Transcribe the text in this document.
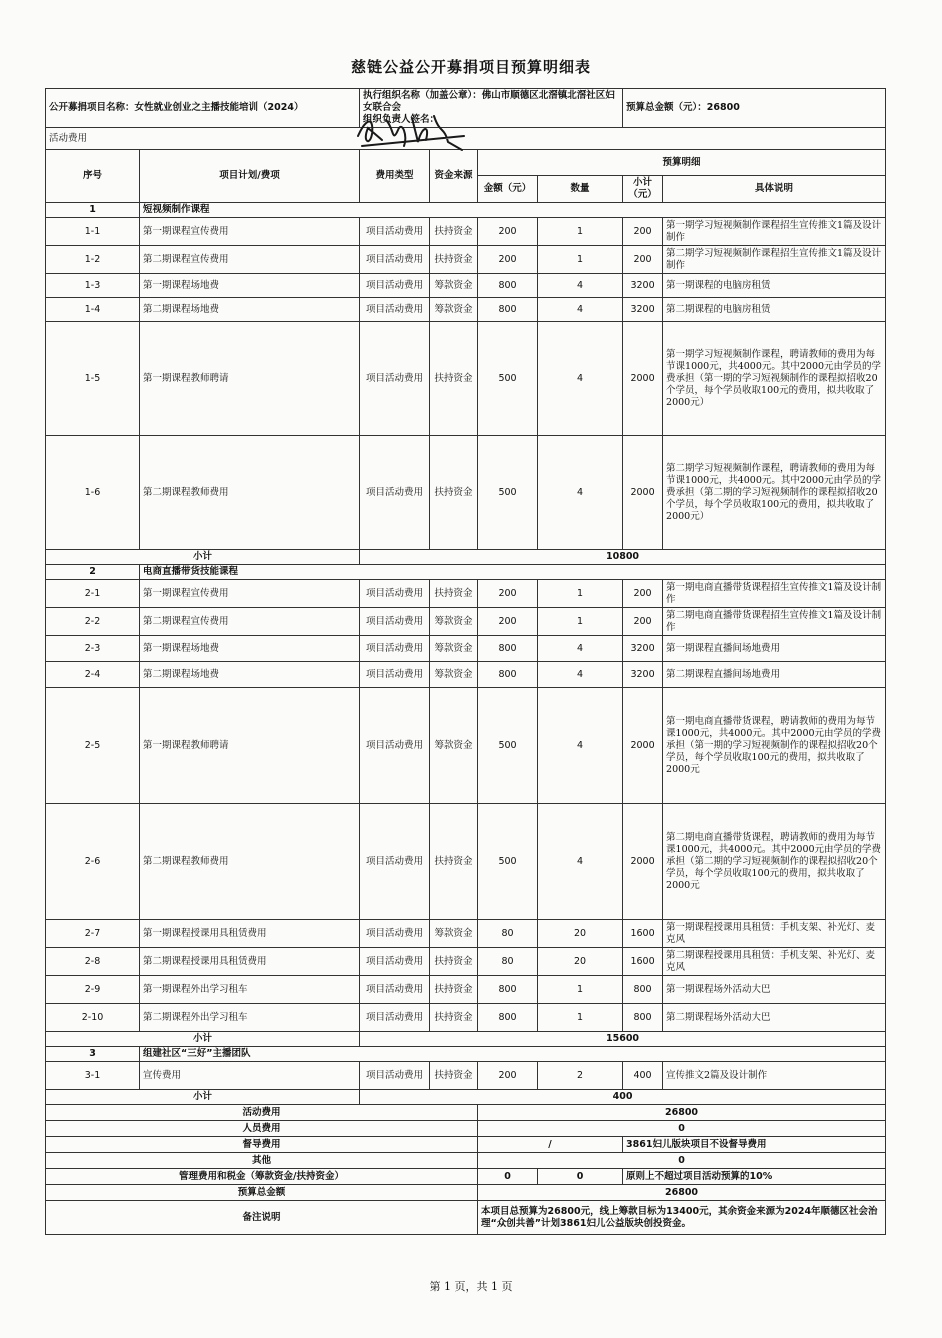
慈链公益公开募捐项目预算明细表
公开募捐项目名称：女性就业创业之主播技能培训（2024）		执行组织名称（加盖公章）：佛山市顺德区北滘镇北滘社区妇女联合会
组织负责人签名：				预算总金额（元）：26800	
活动费用							
序号	项目计划/费项	费用类型	资金来源	预算明细			
				金额（元）	数量	小计（元）	具体说明
1	短视频制作课程						
1-1	第一期课程宣传费用	项目活动费用	扶持资金	200	1	200	第一期学习短视频制作课程招生宣传推文1篇及设计制作
1-2	第二期课程宣传费用	项目活动费用	扶持资金	200	1	200	第二期学习短视频制作课程招生宣传推文1篇及设计制作
1-3	第一期课程场地费	项目活动费用	筹款资金	800	4	3200	第一期课程的电脑房租赁
1-4	第二期课程场地费	项目活动费用	筹款资金	800	4	3200	第二期课程的电脑房租赁
1-5	第一期课程教师聘请	项目活动费用	扶持资金	500	4	2000	第一期学习短视频制作课程，聘请教师的费用为每节课1000元，共4000元。其中2000元由学员的学费承担（第一期的学习短视频制作的课程拟招收20个学员，每个学员收取100元的费用，拟共收取了2000元）
1-6	第二期课程教师费用	项目活动费用	扶持资金	500	4	2000	第二期学习短视频制作课程，聘请教师的费用为每节课1000元，共4000元。其中2000元由学员的学费承担（第二期的学习短视频制作的课程拟招收20个学员，每个学员收取100元的费用，拟共收取了2000元）
小计		10800					
2	电商直播带货技能课程						
2-1	第一期课程宣传费用	项目活动费用	扶持资金	200	1	200	第一期电商直播带货课程招生宣传推文1篇及设计制作
2-2	第二期课程宣传费用	项目活动费用	筹款资金	200	1	200	第二期电商直播带货课程招生宣传推文1篇及设计制作
2-3	第一期课程场地费	项目活动费用	筹款资金	800	4	3200	第一期课程直播间场地费用
2-4	第二期课程场地费	项目活动费用	筹款资金	800	4	3200	第二期课程直播间场地费用
2-5	第一期课程教师聘请	项目活动费用	筹款资金	500	4	2000	第一期电商直播带货课程，聘请教师的费用为每节课1000元，共4000元。其中2000元由学员的学费承担（第一期的学习短视频制作的课程拟招收20个学员，每个学员收取100元的费用，拟共收取了2000元
2-6	第二期课程教师费用	项目活动费用	扶持资金	500	4	2000	第二期电商直播带货课程，聘请教师的费用为每节课1000元，共4000元。其中2000元由学员的学费承担（第二期的学习短视频制作的课程拟招收20个学员，每个学员收取100元的费用，拟共收取了2000元
2-7	第一期课程授课用具租赁费用	项目活动费用	筹款资金	80	20	1600	第一期课程授课用具租赁：手机支架、补光灯、麦克风
2-8	第二期课程授课用具租赁费用	项目活动费用	扶持资金	80	20	1600	第二期课程授课用具租赁：手机支架、补光灯、麦克风
2-9	第一期课程外出学习租车	项目活动费用	扶持资金	800	1	800	第一期课程场外活动大巴
2-10	第二期课程外出学习租车	项目活动费用	扶持资金	800	1	800	第二期课程场外活动大巴
小计		15600					
3	组建社区“三好”主播团队						
3-1	宣传费用	项目活动费用	扶持资金	200	2	400	宣传推文2篇及设计制作
小计		400					
活动费用				26800			
人员费用				0			
督导费用				/		3861妇儿版块项目不设督导费用	
其他				0			
管理费用和税金（筹款资金/扶持资金）				0	0	原则上不超过项目活动预算的10%	
预算总金额				26800			
备注说明				本项目总预算为26800元，线上筹款目标为13400元，其余资金来源为2024年顺德区社会治理“众创共善”计划3861妇儿公益版块创投资金。			
第 1 页，共 1 页
